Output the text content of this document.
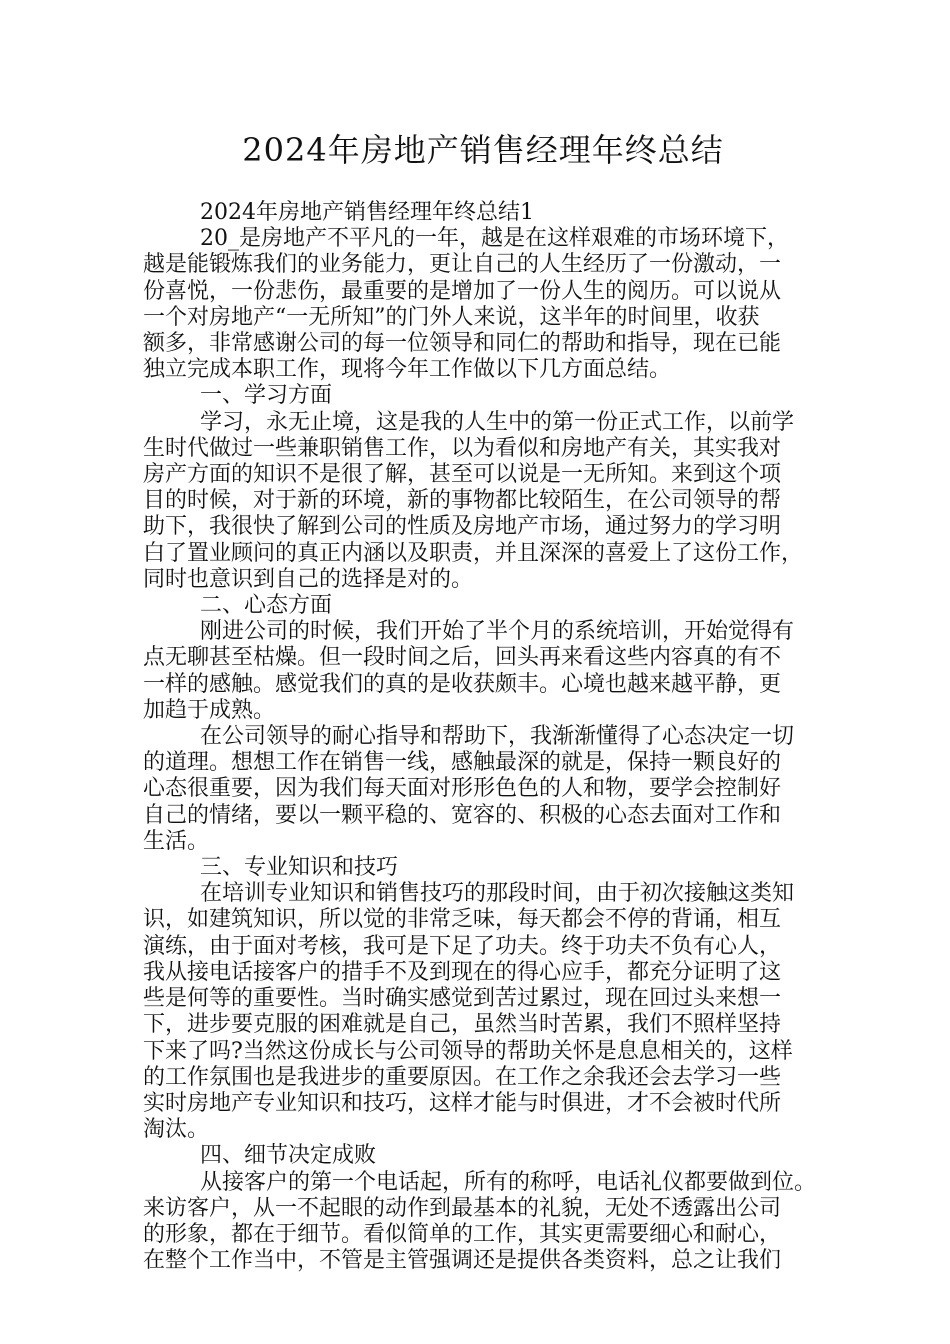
2024年房地产销售经理年终总结

2024年房地产销售经理年终总结1

20_是房地产不平凡的一年，越是在这样艰难的市场环境下，

越是能锻炼我们的业务能力，更让自己的人生经历了一份激动，一

份喜悦，一份悲伤，最重要的是增加了一份人生的阅历。可以说从

一个对房地产“一无所知”的门外人来说，这半年的时间里，收获

额多，非常感谢公司的每一位领导和同仁的帮助和指导，现在已能

独立完成本职工作，现将今年工作做以下几方面总结。

一、学习方面

学习，永无止境，这是我的人生中的第一份正式工作，以前学

生时代做过一些兼职销售工作，以为看似和房地产有关，其实我对

房产方面的知识不是很了解，甚至可以说是一无所知。来到这个项

目的时候，对于新的环境，新的事物都比较陌生，在公司领导的帮

助下，我很快了解到公司的性质及房地产市场，通过努力的学习明

白了置业顾问的真正内涵以及职责，并且深深的喜爱上了这份工作，

同时也意识到自己的选择是对的。

二、心态方面

刚进公司的时候，我们开始了半个月的系统培训，开始觉得有

点无聊甚至枯燥。但一段时间之后，回头再来看这些内容真的有不

一样的感触。感觉我们的真的是收获颇丰。心境也越来越平静，更

加趋于成熟。

在公司领导的耐心指导和帮助下，我渐渐懂得了心态决定一切

的道理。想想工作在销售一线，感触最深的就是，保持一颗良好的

心态很重要，因为我们每天面对形形色色的人和物，要学会控制好

自己的情绪，要以一颗平稳的、宽容的、积极的心态去面对工作和

生活。

三、专业知识和技巧

在培训专业知识和销售技巧的那段时间，由于初次接触这类知

识，如建筑知识，所以觉的非常乏味，每天都会不停的背诵，相互

演练，由于面对考核，我可是下足了功夫。终于功夫不负有心人，

我从接电话接客户的措手不及到现在的得心应手，都充分证明了这

些是何等的重要性。当时确实感觉到苦过累过，现在回过头来想一

下，进步要克服的困难就是自己，虽然当时苦累，我们不照样坚持

下来了吗?当然这份成长与公司领导的帮助关怀是息息相关的，这样

的工作氛围也是我进步的重要原因。在工作之余我还会去学习一些

实时房地产专业知识和技巧，这样才能与时俱进，才不会被时代所

淘汰。

四、细节决定成败

从接客户的第一个电话起，所有的称呼，电话礼仪都要做到位。

来访客户，从一不起眼的动作到最基本的礼貌，无处不透露出公司

的形象，都在于细节。看似简单的工作，其实更需要细心和耐心，

在整个工作当中，不管是主管强调还是提供各类资料，总之让我们
